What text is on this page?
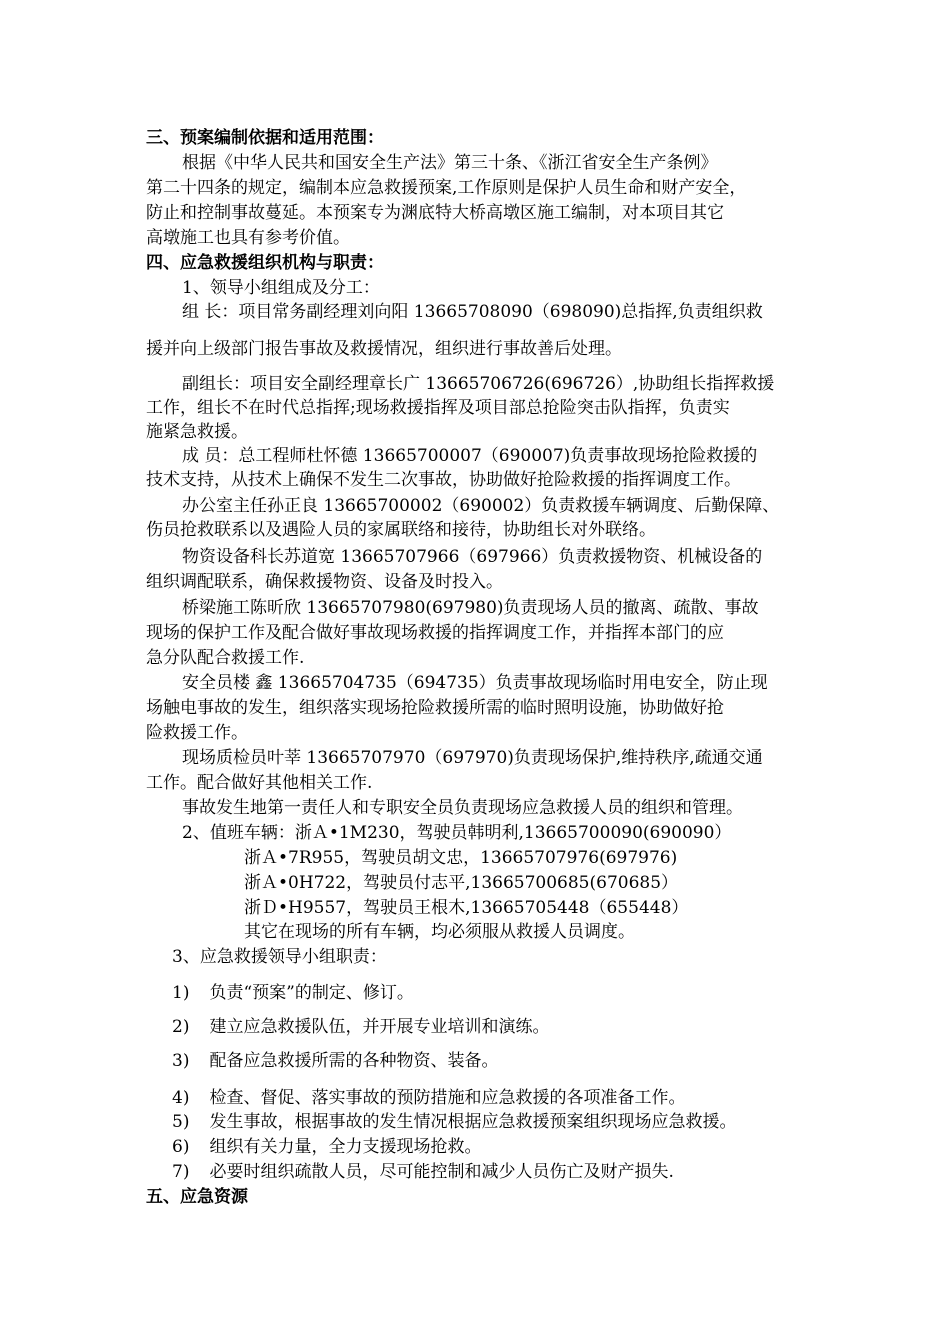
三、预案编制依据和适用范围：
根据《中华人民共和国安全生产法》第三十条、《浙江省安全生产条例》
第二十四条的规定，编制本应急救援预案,工作原则是保护人员生命和财产安全，
防止和控制事故蔓延。本预案专为渊底特大桥高墩区施工编制，对本项目其它
高墩施工也具有参考价值。
四、应急救援组织机构与职责：
1、领导小组组成及分工：
组 长：项目常务副经理刘向阳 13665708090（698090)总指挥,负责组织救
援并向上级部门报告事故及救援情况，组织进行事故善后处理。
副组长：项目安全副经理章长广 13665706726(696726）,协助组长指挥救援
工作，组长不在时代总指挥;现场救援指挥及项目部总抢险突击队指挥，负责实
施紧急救援。
成 员：总工程师杜怀德 13665700007（690007)负责事故现场抢险救援的
技术支持，从技术上确保不发生二次事故，协助做好抢险救援的指挥调度工作。
办公室主任孙正良 13665700002（690002）负责救援车辆调度、后勤保障、
伤员抢救联系以及遇险人员的家属联络和接待，协助组长对外联络。
物资设备科长苏道宽 13665707966（697966）负责救援物资、机械设备的
组织调配联系，确保救援物资、设备及时投入。
桥梁施工陈昕欣 13665707980(697980)负责现场人员的撤离、疏散、事故
现场的保护工作及配合做好事故现场救援的指挥调度工作，并指挥本部门的应
急分队配合救援工作.
安全员楼 鑫 13665704735（694735）负责事故现场临时用电安全，防止现
场触电事故的发生，组织落实现场抢险救援所需的临时照明设施，协助做好抢
险救援工作。
现场质检员叶莘 13665707970（697970)负责现场保护,维持秩序,疏通交通
工作。配合做好其他相关工作.
事故发生地第一责任人和专职安全员负责现场应急救援人员的组织和管理。
2、值班车辆：浙Ａ•1M230，驾驶员韩明利,13665700090(690090）
浙Ａ•7R955，驾驶员胡文忠，13665707976(697976)
浙Ａ•0H722，驾驶员付志平,13665700685(670685）
浙Ｄ•H9557，驾驶员王根木,13665705448（655448）
其它在现场的所有车辆，均必须服从救援人员调度。
3、应急救援领导小组职责：
1) 负责“预案”的制定、修订。
2) 建立应急救援队伍，并开展专业培训和演练。
3) 配备应急救援所需的各种物资、装备。
4) 检查、督促、落实事故的预防措施和应急救援的各项准备工作。
5) 发生事故，根据事故的发生情况根据应急救援预案组织现场应急救援。
6) 组织有关力量，全力支援现场抢救。
7) 必要时组织疏散人员，尽可能控制和减少人员伤亡及财产损失.
五、应急资源
